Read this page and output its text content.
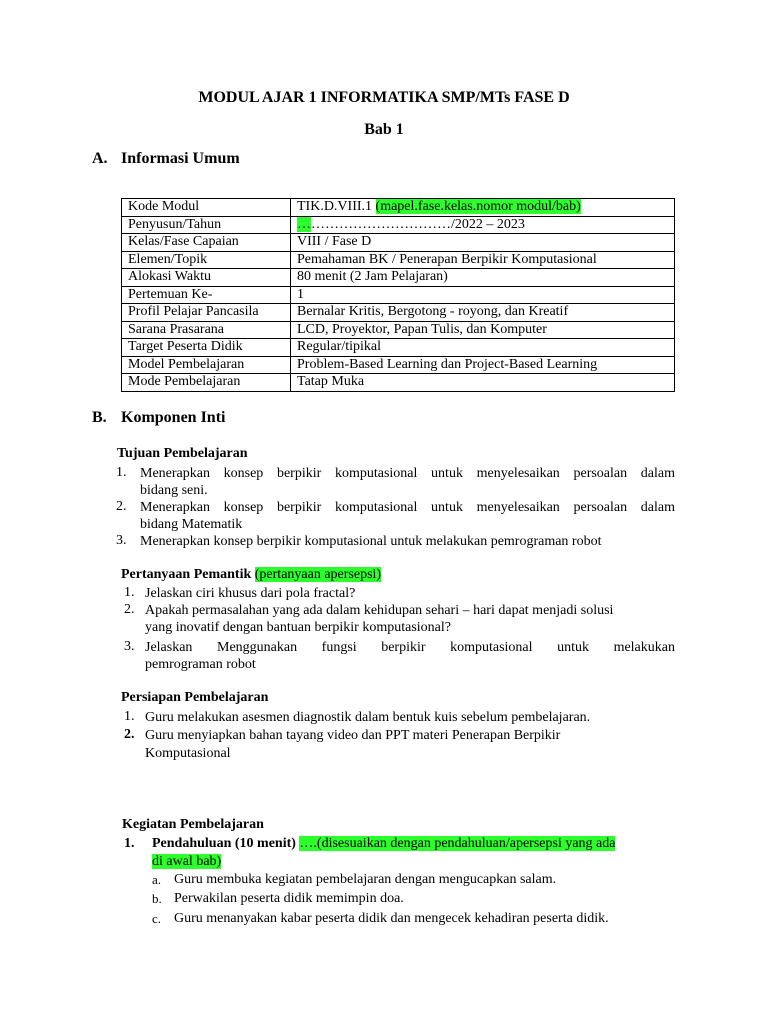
MODUL AJAR 1 INFORMATIKA SMP/MTs FASE D
Bab 1
A. Informasi Umum
Kode Modul	TIK.D.VIII.1 (mapel.fase.kelas.nomor modul/bab)
Penyusun/Tahun	……………………………/2022 – 2023
Kelas/Fase Capaian	VIII / Fase D
Elemen/Topik	Pemahaman BK / Penerapan Berpikir Komputasional
Alokasi Waktu	80 menit (2 Jam Pelajaran)
Pertemuan Ke-	1
Profil Pelajar Pancasila	Bernalar Kritis, Bergotong - royong, dan Kreatif
Sarana Prasarana	LCD, Proyektor, Papan Tulis, dan Komputer
Target Peserta Didik	Regular/tipikal
Model Pembelajaran	Problem-Based Learning dan Project-Based Learning
Mode Pembelajaran	Tatap Muka
B. Komponen Inti
Tujuan Pembelajaran
1. Menerapkan konsep berpikir komputasional untuk menyelesaikan persoalan dalam
bidang seni.
2. Menerapkan konsep berpikir komputasional untuk menyelesaikan persoalan dalam
bidang Matematik
3. Menerapkan konsep berpikir komputasional untuk melakukan pemrograman robot
Pertanyaan Pemantik (pertanyaan apersepsi)
1. Jelaskan ciri khusus dari pola fractal?
2. Apakah permasalahan yang ada dalam kehidupan sehari – hari dapat menjadi solusi
yang inovatif dengan bantuan berpikir komputasional?
3. Jelaskan Menggunakan fungsi berpikir komputasional untuk melakukan
pemrograman robot
Persiapan Pembelajaran
1. Guru melakukan asesmen diagnostik dalam bentuk kuis sebelum pembelajaran.
2. Guru menyiapkan bahan tayang video dan PPT materi Penerapan Berpikir
Komputasional
Kegiatan Pembelajaran
1. Pendahuluan (10 menit) ….(disesuaikan dengan pendahuluan/apersepsi yang ada
di awal bab)
a. Guru membuka kegiatan pembelajaran dengan mengucapkan salam.
b. Perwakilan peserta didik memimpin doa.
c. Guru menanyakan kabar peserta didik dan mengecek kehadiran peserta didik.
